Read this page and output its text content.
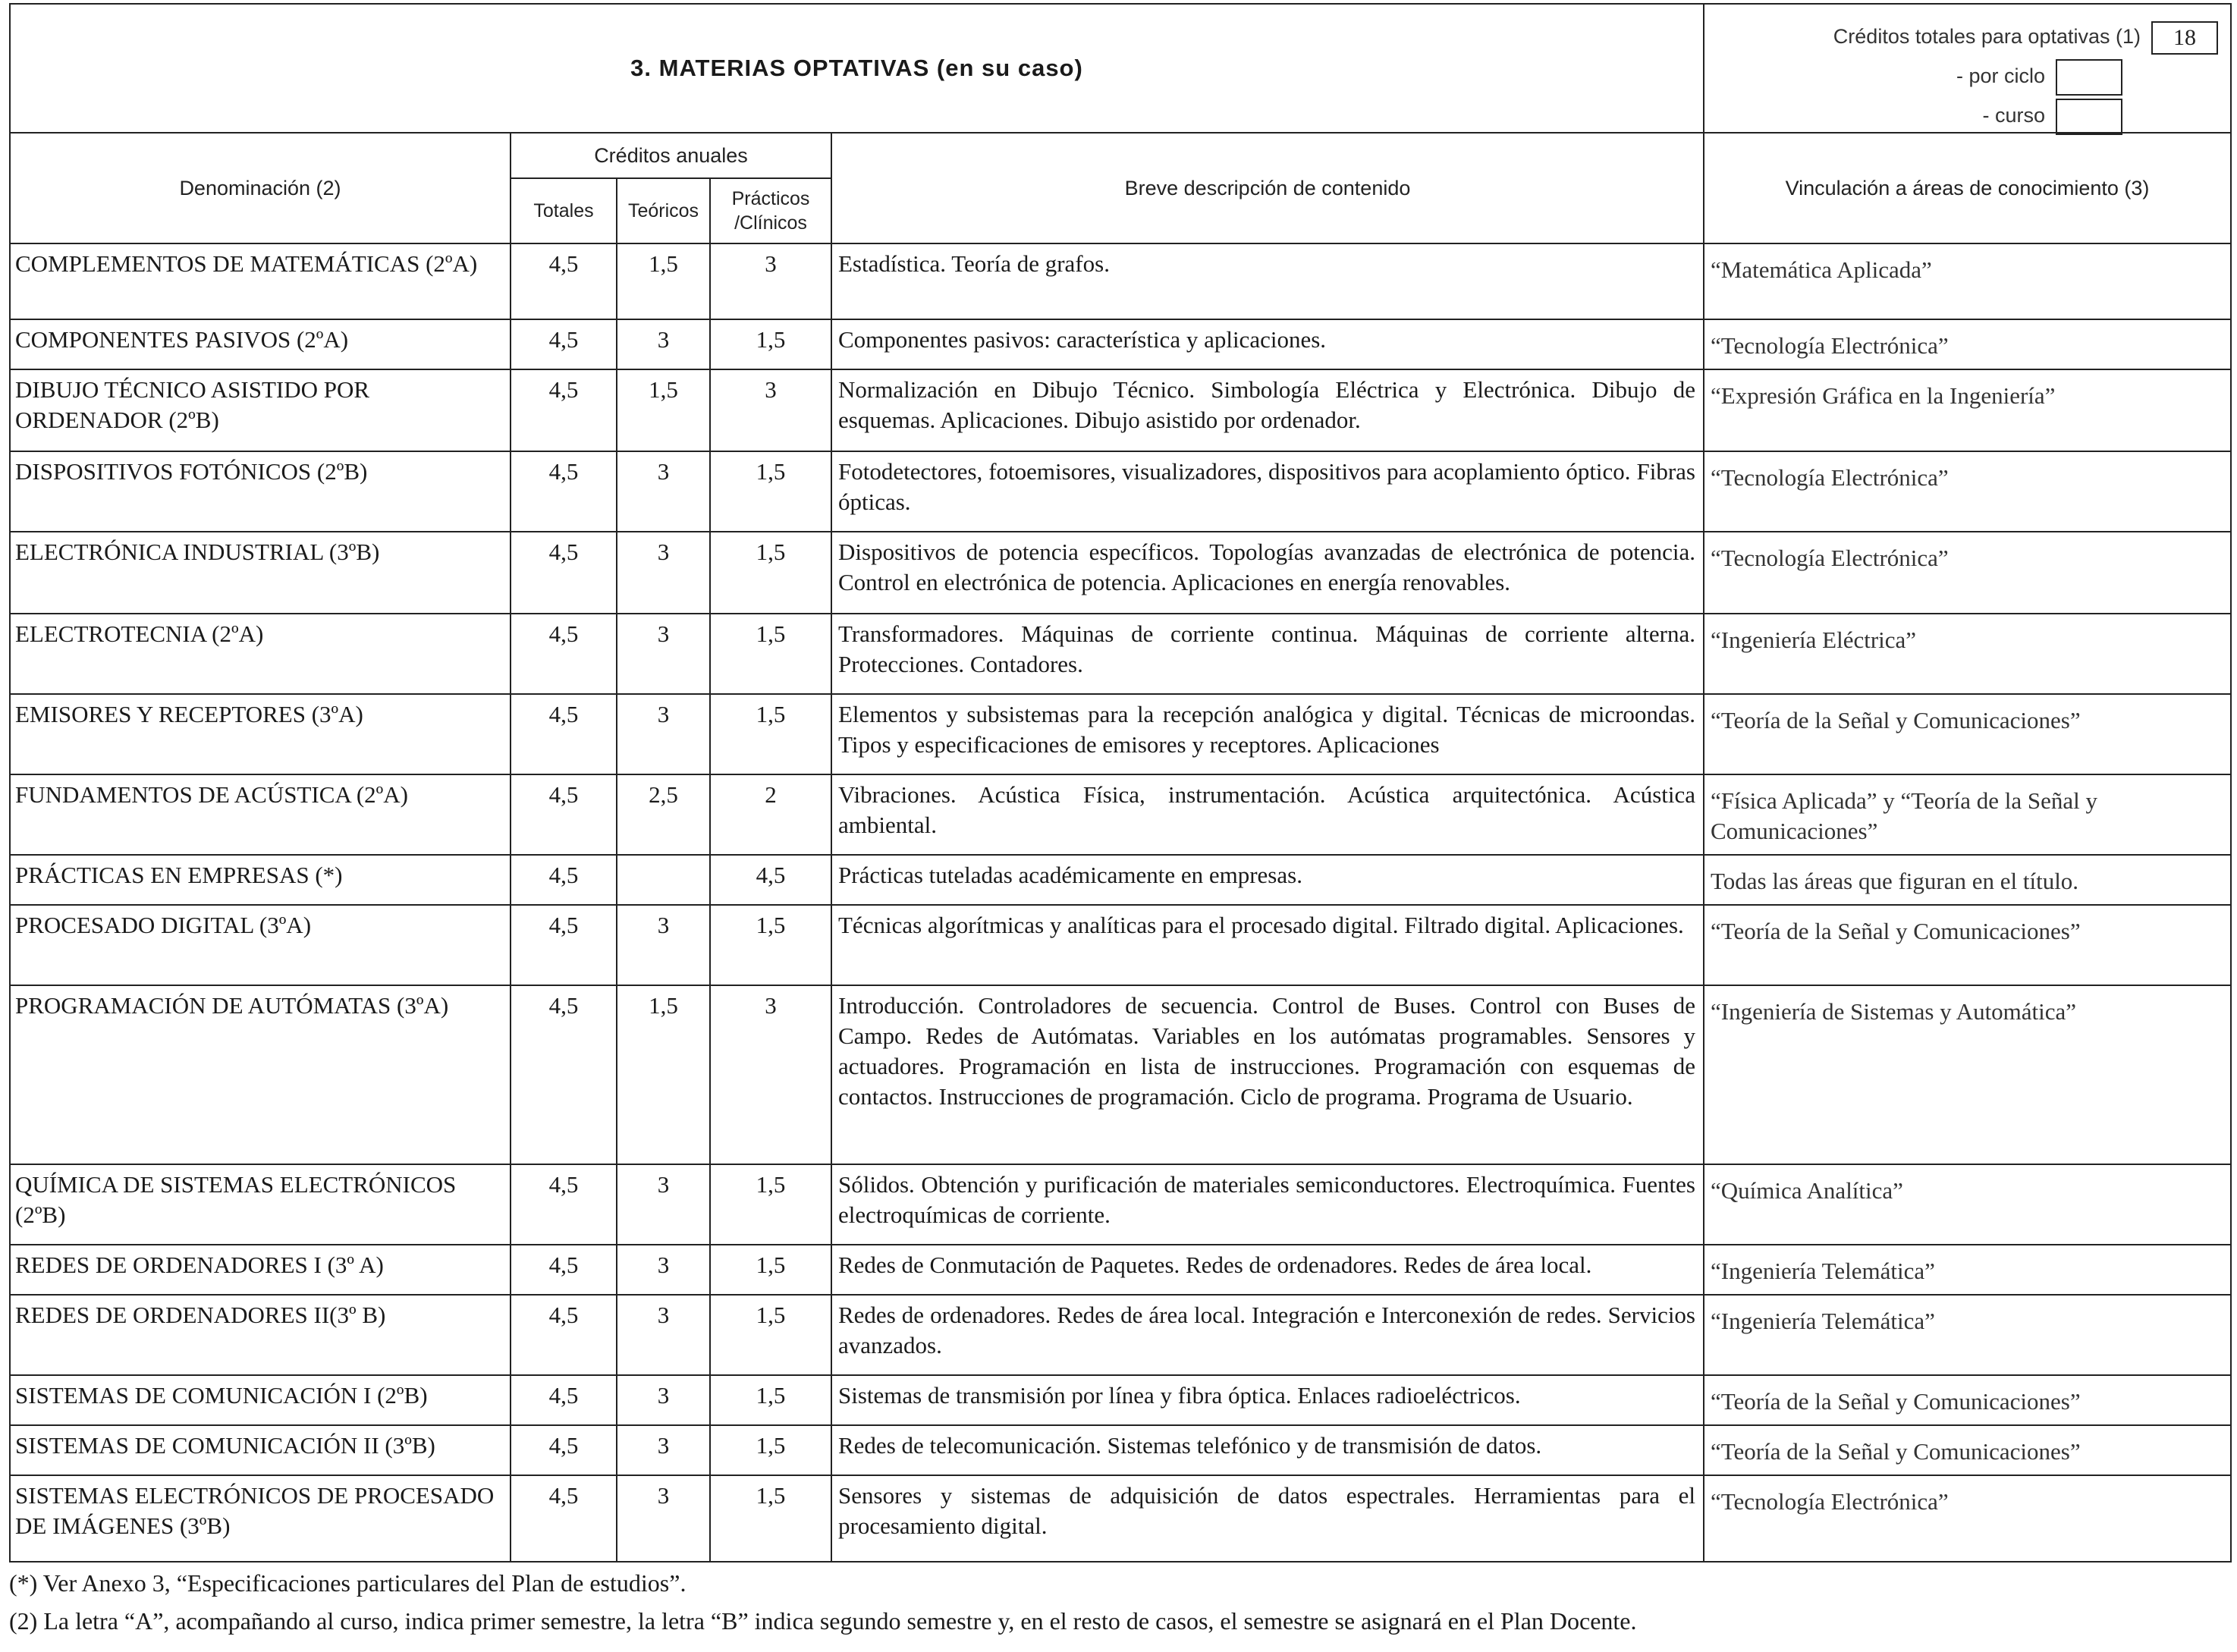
3. MATERIAS OPTATIVAS (en su caso)					Créditos totales para optativas (1) 18
- por ciclo
- curso

Denominación (2)	Créditos anuales			Breve descripción de contenido	Vinculación a áreas de conocimiento (3)
	Totales	Teóricos	Prácticos /Clínicos		
COMPLEMENTOS DE MATEMÁTICAS (2ºA)	4,5	1,5	3	Estadística. Teoría de grafos.	“Matemática Aplicada”
COMPONENTES PASIVOS (2ºA)	4,5	3	1,5	Componentes pasivos: característica y aplicaciones.	“Tecnología Electrónica”
DIBUJO TÉCNICO ASISTIDO POR ORDENADOR (2ºB)	4,5	1,5	3	Normalización en Dibujo Técnico. Simbología Eléctrica y Electrónica. Dibujo de esquemas. Aplicaciones. Dibujo asistido por ordenador.	“Expresión Gráfica en la Ingeniería”
DISPOSITIVOS FOTÓNICOS (2ºB)	4,5	3	1,5	Fotodetectores, fotoemisores, visualizadores, dispositivos para acoplamiento óptico. Fibras ópticas.	“Tecnología Electrónica”
ELECTRÓNICA INDUSTRIAL (3ºB)	4,5	3	1,5	Dispositivos de potencia específicos. Topologías avanzadas de electrónica de potencia. Control en electrónica de potencia. Aplicaciones en energía renovables.	“Tecnología Electrónica”
ELECTROTECNIA (2ºA)	4,5	3	1,5	Transformadores. Máquinas de corriente continua. Máquinas de corriente alterna. Protecciones. Contadores.	“Ingeniería Eléctrica”
EMISORES Y RECEPTORES (3ºA)	4,5	3	1,5	Elementos y subsistemas para la recepción analógica y digital. Técnicas de microondas. Tipos y especificaciones de emisores y receptores. Aplicaciones	“Teoría de la Señal y Comunicaciones”
FUNDAMENTOS DE ACÚSTICA (2ºA)	4,5	2,5	2	Vibraciones. Acústica Física, instrumentación. Acústica arquitectónica. Acústica ambiental.	“Física Aplicada” y “Teoría de la Señal y Comunicaciones”
PRÁCTICAS EN EMPRESAS (*)	4,5		4,5	Prácticas tuteladas académicamente en empresas.	Todas las áreas que figuran en el título.
PROCESADO DIGITAL (3ºA)	4,5	3	1,5	Técnicas algorítmicas y analíticas para el procesado digital. Filtrado digital. Aplicaciones.	“Teoría de la Señal y Comunicaciones”
PROGRAMACIÓN DE AUTÓMATAS (3ºA)	4,5	1,5	3	Introducción. Controladores de secuencia. Control de Buses. Control con Buses de Campo. Redes de Autómatas. Variables en los autómatas programables. Sensores y actuadores. Programación en lista de instrucciones. Programación con esquemas de contactos. Instrucciones de programación. Ciclo de programa. Programa de Usuario.	“Ingeniería de Sistemas y Automática”
QUÍMICA DE SISTEMAS ELECTRÓNICOS (2ºB)	4,5	3	1,5	Sólidos. Obtención y purificación de materiales semiconductores. Electroquímica. Fuentes electroquímicas de corriente.	“Química Analítica”
REDES DE ORDENADORES I (3º A)	4,5	3	1,5	Redes de Conmutación de Paquetes. Redes de ordenadores. Redes de área local.	“Ingeniería Telemática”
REDES DE ORDENADORES II(3º B)	4,5	3	1,5	Redes de ordenadores. Redes de área local. Integración e Interconexión de redes. Servicios avanzados.	“Ingeniería Telemática”
SISTEMAS DE COMUNICACIÓN I (2ºB)	4,5	3	1,5	Sistemas de transmisión por línea y fibra óptica. Enlaces radioeléctricos.	“Teoría de la Señal y Comunicaciones”
SISTEMAS DE COMUNICACIÓN II (3ºB)	4,5	3	1,5	Redes de telecomunicación. Sistemas telefónico y de transmisión de datos.	“Teoría de la Señal y Comunicaciones”
SISTEMAS ELECTRÓNICOS DE PROCESADO DE IMÁGENES (3ºB)	4,5	3	1,5	Sensores y sistemas de adquisición de datos espectrales. Herramientas para el procesamiento digital.	“Tecnología Electrónica”
(*) Ver Anexo 3, “Especificaciones particulares del Plan de estudios”.
(2) La letra “A”, acompañando al curso, indica primer semestre, la letra “B” indica segundo semestre y, en el resto de casos, el semestre se asignará en el Plan Docente.
